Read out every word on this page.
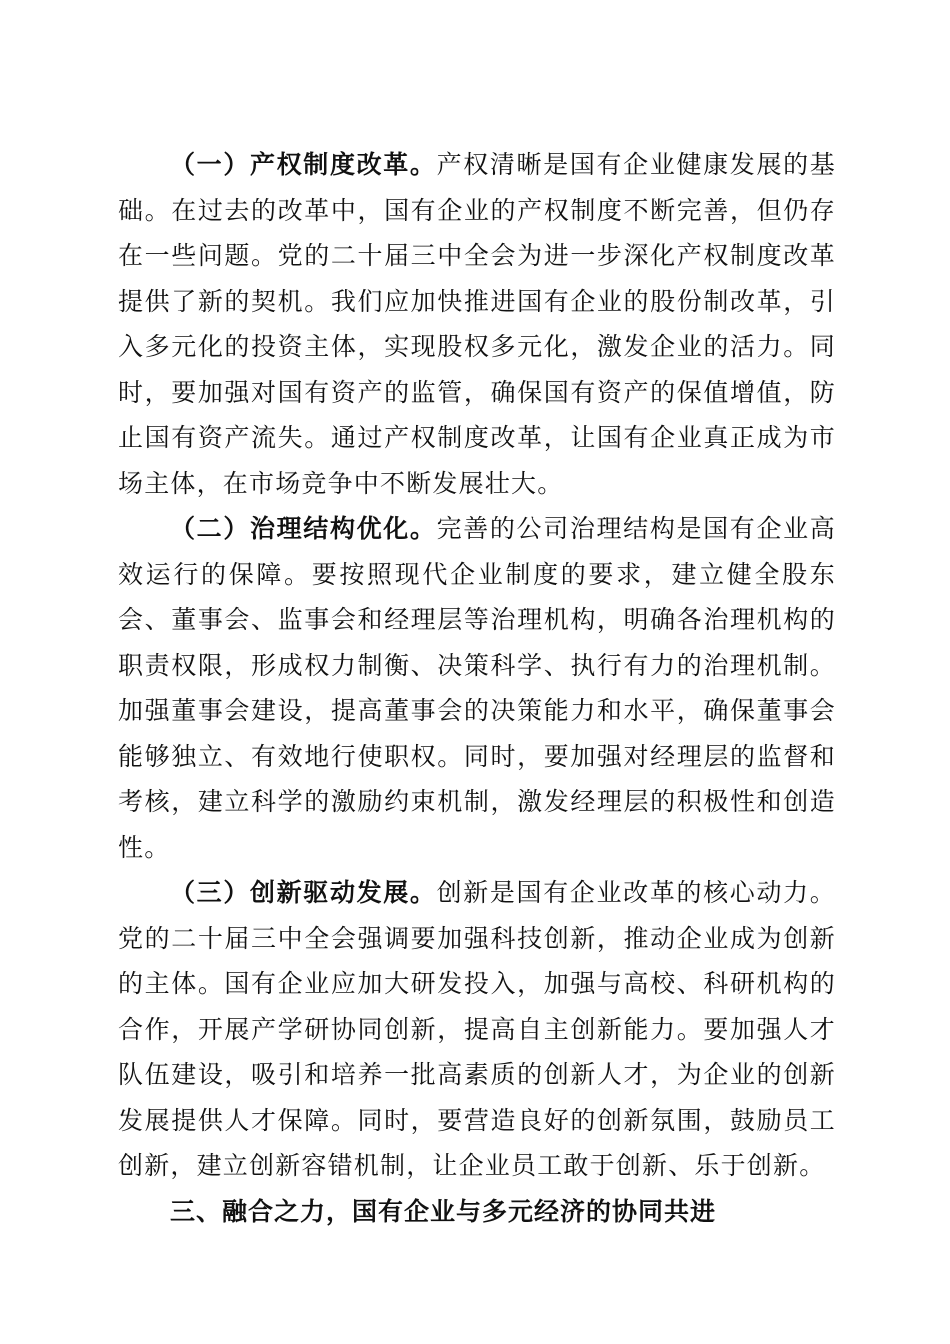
（一）产权制度改革。产权清晰是国有企业健康发展的基础。在过去的改革中，国有企业的产权制度不断完善，但仍存在一些问题。党的二十届三中全会为进一步深化产权制度改革提供了新的契机。我们应加快推进国有企业的股份制改革，引入多元化的投资主体，实现股权多元化，激发企业的活力。同时，要加强对国有资产的监管，确保国有资产的保值增值，防止国有资产流失。通过产权制度改革，让国有企业真正成为市场主体，在市场竞争中不断发展壮大。

（二）治理结构优化。完善的公司治理结构是国有企业高效运行的保障。要按照现代企业制度的要求，建立健全股东会、董事会、监事会和经理层等治理机构，明确各治理机构的职责权限，形成权力制衡、决策科学、执行有力的治理机制。加强董事会建设，提高董事会的决策能力和水平，确保董事会能够独立、有效地行使职权。同时，要加强对经理层的监督和考核，建立科学的激励约束机制，激发经理层的积极性和创造性。

（三）创新驱动发展。创新是国有企业改革的核心动力。党的二十届三中全会强调要加强科技创新，推动企业成为创新的主体。国有企业应加大研发投入，加强与高校、科研机构的合作，开展产学研协同创新，提高自主创新能力。要加强人才队伍建设，吸引和培养一批高素质的创新人才，为企业的创新发展提供人才保障。同时，要营造良好的创新氛围，鼓励员工创新，建立创新容错机制，让企业员工敢于创新、乐于创新。

三、融合之力，国有企业与多元经济的协同共进
